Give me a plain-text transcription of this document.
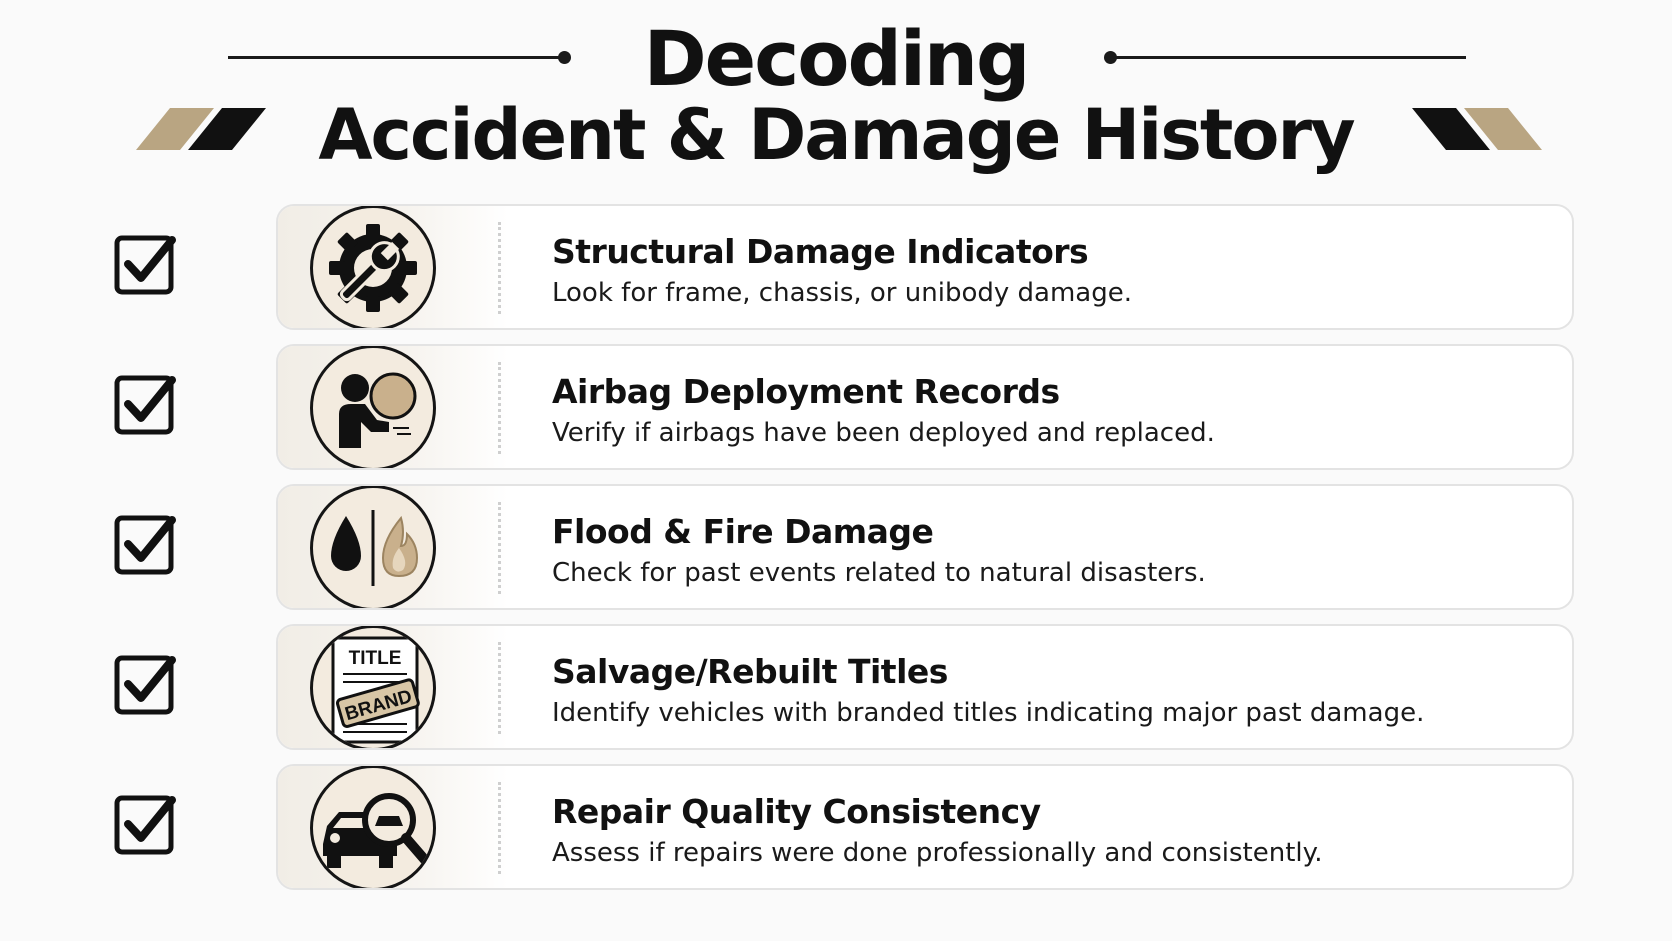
Decoding
Accident & Damage History
Structural Damage Indicators
Look for frame, chassis, or unibody damage.
Airbag Deployment Records
Verify if airbags have been deployed and replaced.
Flood & Fire Damage
Check for past events related to natural disasters.
TITLE
BRAND
Salvage/Rebuilt Titles
Identify vehicles with branded titles indicating major past damage.
Repair Quality Consistency
Assess if repairs were done professionally and consistently.
